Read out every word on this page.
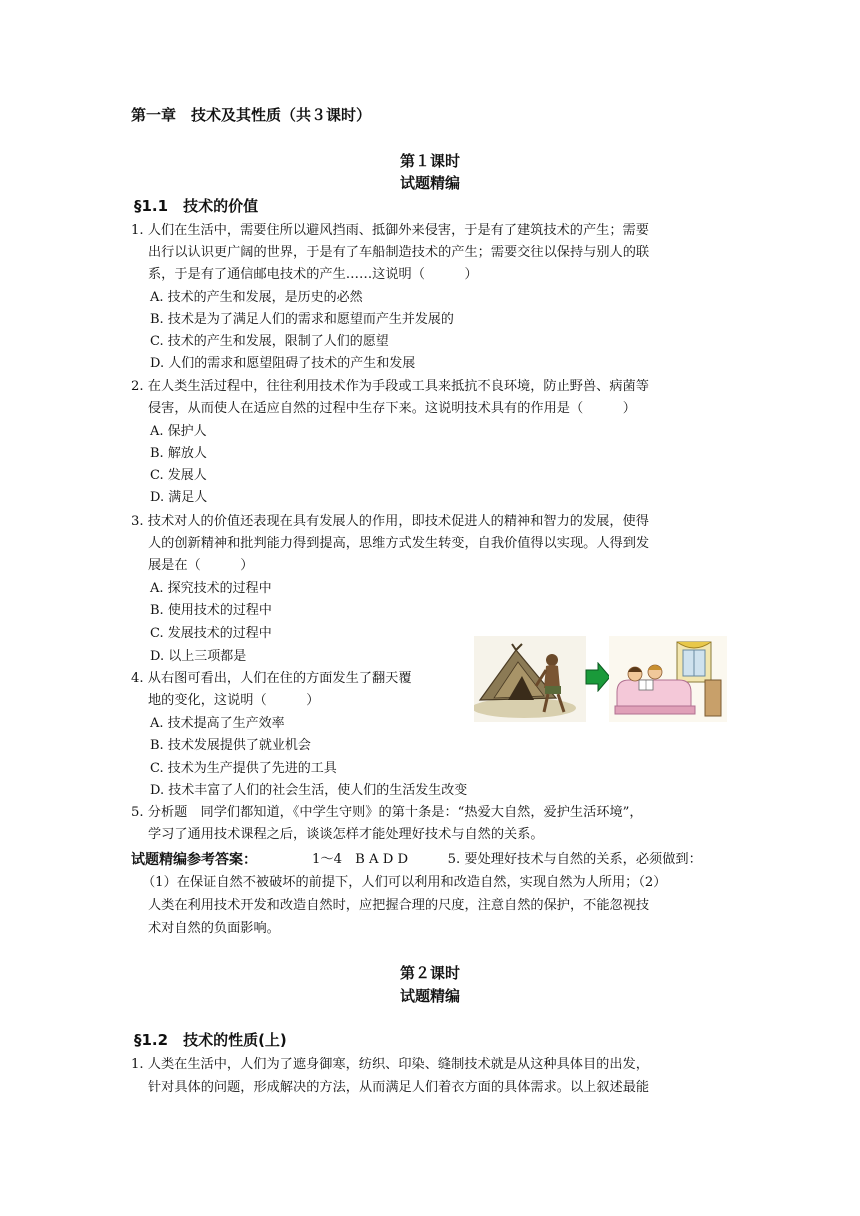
第一章　技术及其性质（共３课时）
第１课时
试题精编
§1.1　技术的价值
1. 人们在生活中，需要住所以避风挡雨、抵御外来侵害，于是有了建筑技术的产生；需要
出行以认识更广阔的世界，于是有了车船制造技术的产生；需要交往以保持与别人的联
系，于是有了通信邮电技术的产生……这说明（　　　）
A. 技术的产生和发展，是历史的必然
B. 技术是为了满足人们的需求和愿望而产生并发展的
C. 技术的产生和发展，限制了人们的愿望
D. 人们的需求和愿望阻碍了技术的产生和发展
2. 在人类生活过程中，往往利用技术作为手段或工具来抵抗不良环境，防止野兽、病菌等
侵害，从而使人在适应自然的过程中生存下来。这说明技术具有的作用是（　　　）
A. 保护人
B. 解放人
C. 发展人
D. 满足人
3. 技术对人的价值还表现在具有发展人的作用，即技术促进人的精神和智力的发展，使得
人的创新精神和批判能力得到提高，思维方式发生转变，自我价值得以实现。人得到发
展是在（　　　）
A. 探究技术的过程中
B. 使用技术的过程中
C. 发展技术的过程中
D. 以上三项都是
4. 从右图可看出，人们在住的方面发生了翻天覆
地的变化，这说明（　　　）
A. 技术提高了生产效率
B. 技术发展提供了就业机会
C. 技术为生产提供了先进的工具
D. 技术丰富了人们的社会生活，使人们的生活发生改变
5. 分析题　同学们都知道，《中学生守则》的第十条是：“热爱大自然，爱护生活环境”，
学习了通用技术课程之后，谈谈怎样才能处理好技术与自然的关系。
试题精编参考答案：	1～4　B A D D　　　5. 要处理好技术与自然的关系，必须做到：
（1）在保证自然不被破坏的前提下，人们可以利用和改造自然，实现自然为人所用；（2）
人类在利用技术开发和改造自然时，应把握合理的尺度，注意自然的保护，不能忽视技
术对自然的负面影响。
第２课时
试题精编
§1.2　技术的性质(上)
1. 人类在生活中，人们为了遮身御寒，纺织、印染、缝制技术就是从这种具体目的出发，
针对具体的问题，形成解决的方法，从而满足人们着衣方面的具体需求。以上叙述最能
